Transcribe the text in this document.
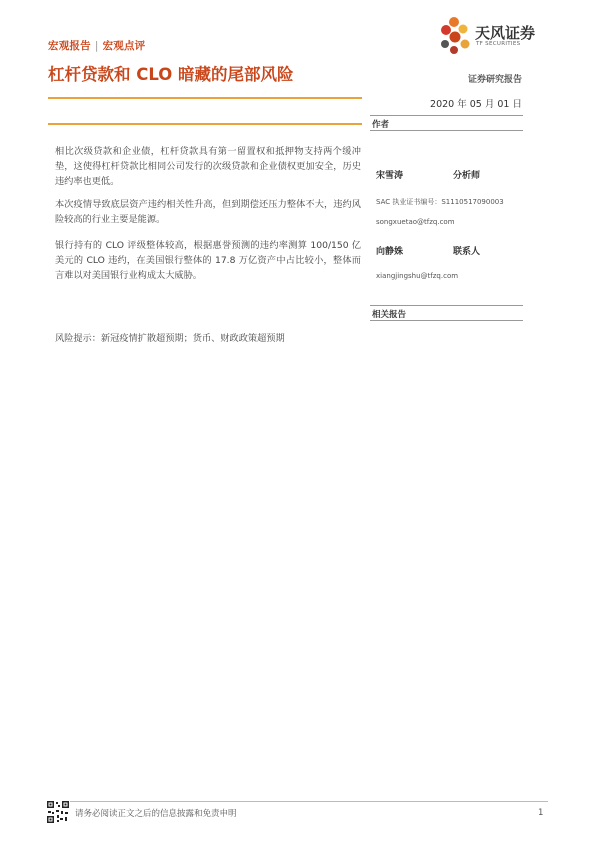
宏观报告 | 宏观点评
杠杆贷款和 CLO 暗藏的尾部风险
天风证券
TF SECURITIES
证券研究报告
2020 年 05 月 01 日
相比次级贷款和企业债，杠杆贷款具有第一留置权和抵押物支持两个缓冲垫，这使得杠杆贷款比相同公司发行的次级贷款和企业债权更加安全，历史违约率也更低。
本次疫情导致底层资产违约相关性升高，但到期偿还压力整体不大，违约风险较高的行业主要是能源。
银行持有的 CLO 评级整体较高，根据惠誉预测的违约率测算 100/150 亿美元的 CLO 违约，在美国银行整体的 17.8 万亿资产中占比较小，整体而言难以对美国银行业构成太大威胁。
风险提示：新冠疫情扩散超预期；货币、财政政策超预期
作者
宋雪涛	分析师
SAC 执业证书编号：S1110517090003
songxuetao@tfzq.com
向静姝	联系人
xiangjingshu@tfzq.com
相关报告
请务必阅读正文之后的信息披露和免责申明	1
